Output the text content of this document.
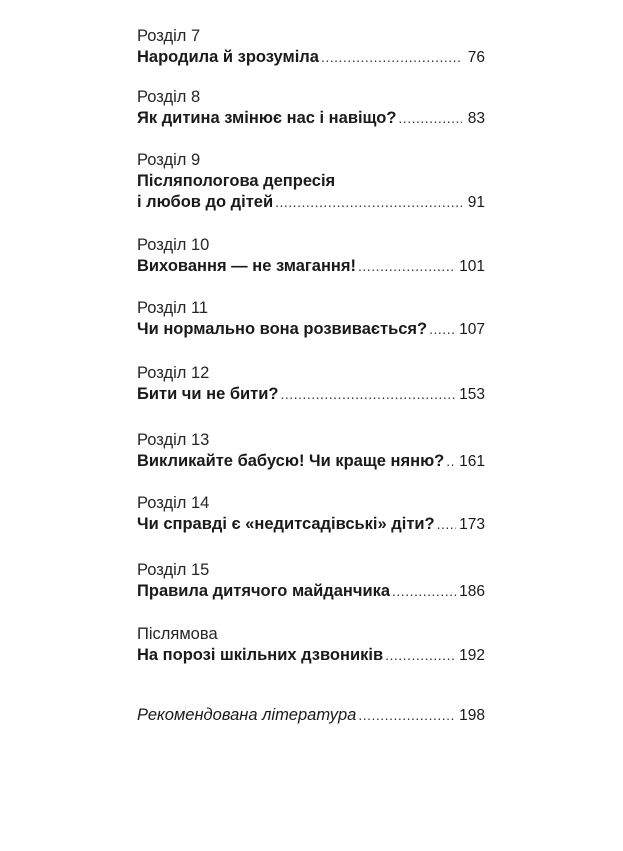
Розділ 7
Народила й зрозуміла .....	76
Розділ 8
Як дитина змінює нас і навіщо? .....	83
Розділ 9
Післяпологова депресія
і любов до дітей .....	91
Розділ 10
Виховання — не змагання! .....	101
Розділ 11
Чи нормально вона розвивається? ..... 107
Розділ 12
Бити чи не бити? .....	153
Розділ 13
Викликайте бабусю! Чи краще няню? ..... 161
Розділ 14
Чи справді є «недитсадівські» діти? ..... 173
Розділ 15
Правила дитячого майданчика .....	186
Післямова
На порозі шкільних дзвоників .....	192
Рекомендована література .....	198
